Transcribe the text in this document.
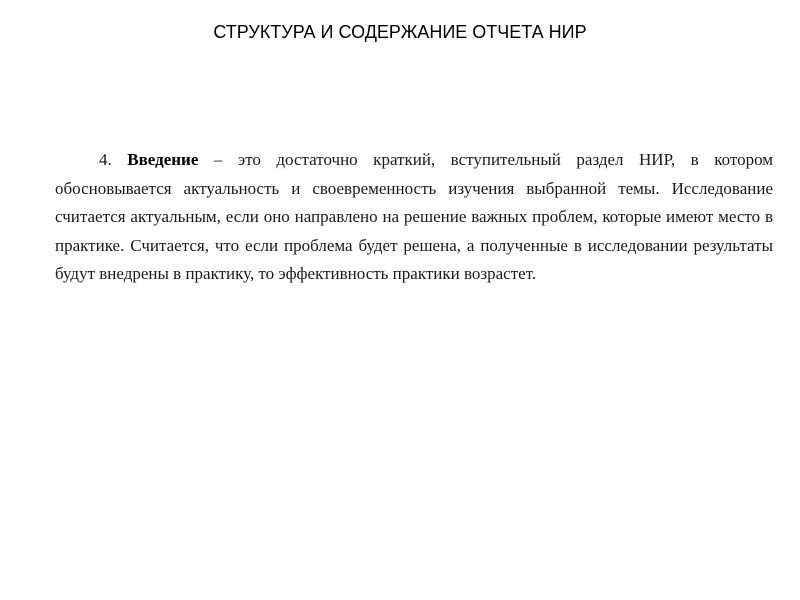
СТРУКТУРА И СОДЕРЖАНИЕ ОТЧЕТА НИР

4. Введение – это достаточно краткий, вступительный раздел НИР, в котором обосновывается актуальность и своевременность изучения выбранной темы. Исследование считается актуальным, если оно направлено на решение важных проблем, которые имеют место в практике. Считается, что если проблема будет решена, а полученные в исследовании результаты будут внедрены в практику, то эффективность практики возрастет.
